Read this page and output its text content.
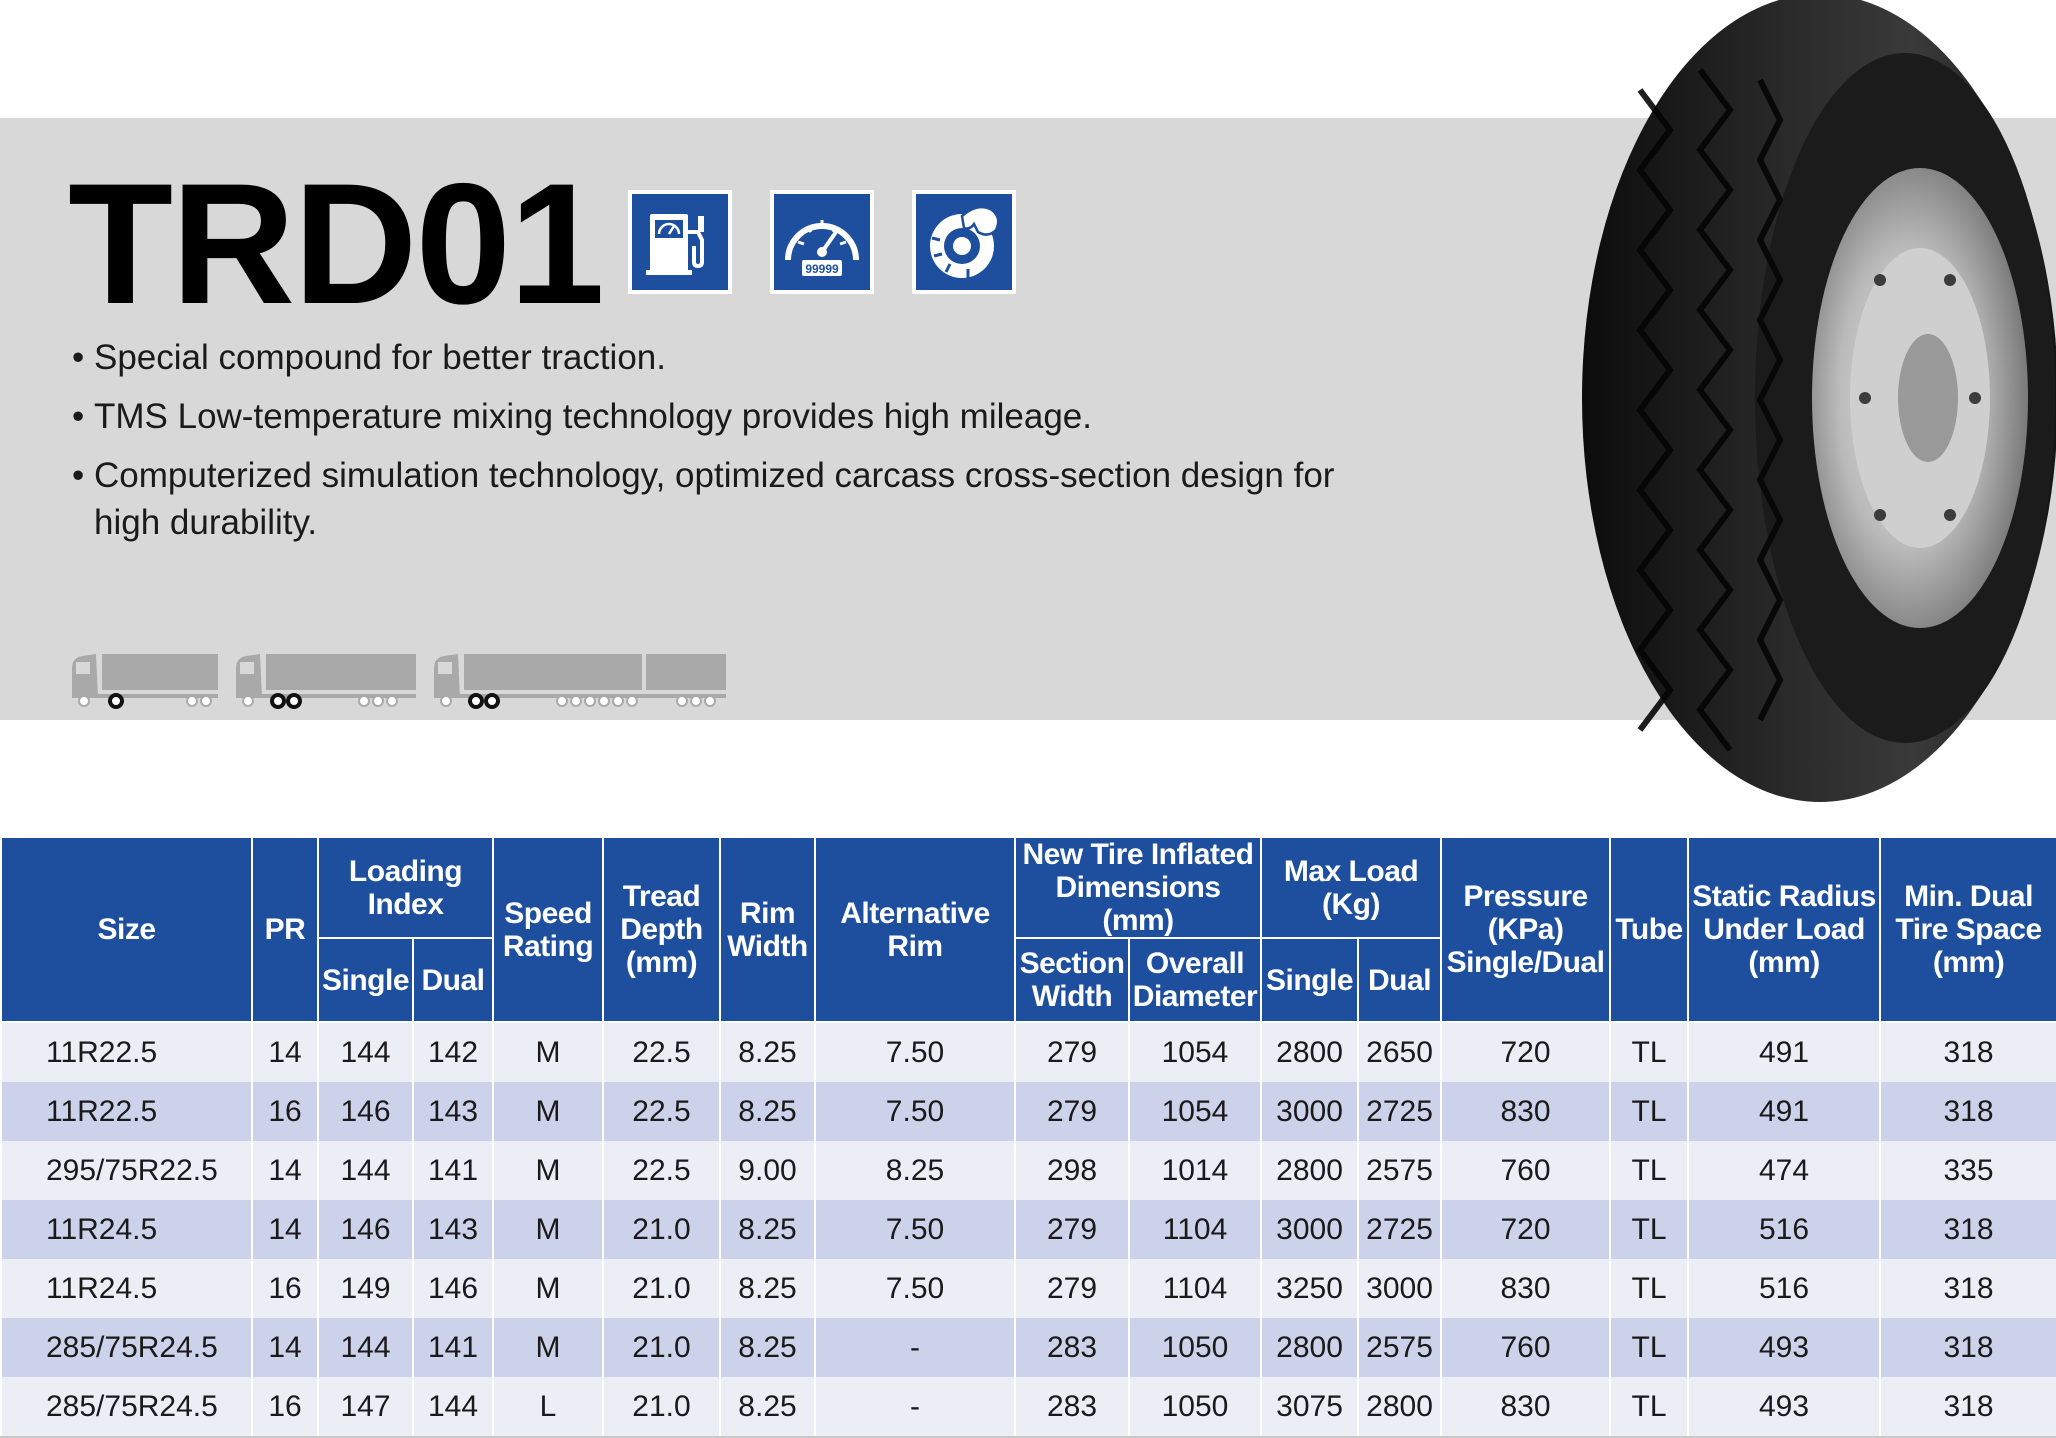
TRD01	99999
• Special compound for better traction.
• TMS Low-temperature mixing technology provides high mileage.
• Computerized simulation technology, optimized carcass cross-section design for high durability.
Size	PR	Loading Index		Speed Rating	Tread Depth (mm)	Rim Width	Alternative Rim	New Tire Inflated Dimensions (mm)		Max Load (Kg)		Pressure (KPa) Single/Dual	Tube	Static Radius Under Load (mm)	Min. Dual Tire Space (mm)
		Single	Dual					Section Width	Overall Diameter	Single	Dual				
11R22.5	14	144	142	M	22.5	8.25	7.50	279	1054	2800	2650	720	TL	491	318
11R22.5	16	146	143	M	22.5	8.25	7.50	279	1054	3000	2725	830	TL	491	318
295/75R22.5	14	144	141	M	22.5	9.00	8.25	298	1014	2800	2575	760	TL	474	335
11R24.5	14	146	143	M	21.0	8.25	7.50	279	1104	3000	2725	720	TL	516	318
11R24.5	16	149	146	M	21.0	8.25	7.50	279	1104	3250	3000	830	TL	516	318
285/75R24.5	14	144	141	M	21.0	8.25	-	283	1050	2800	2575	760	TL	493	318
285/75R24.5	16	147	144	L	21.0	8.25	-	283	1050	3075	2800	830	TL	493	318
